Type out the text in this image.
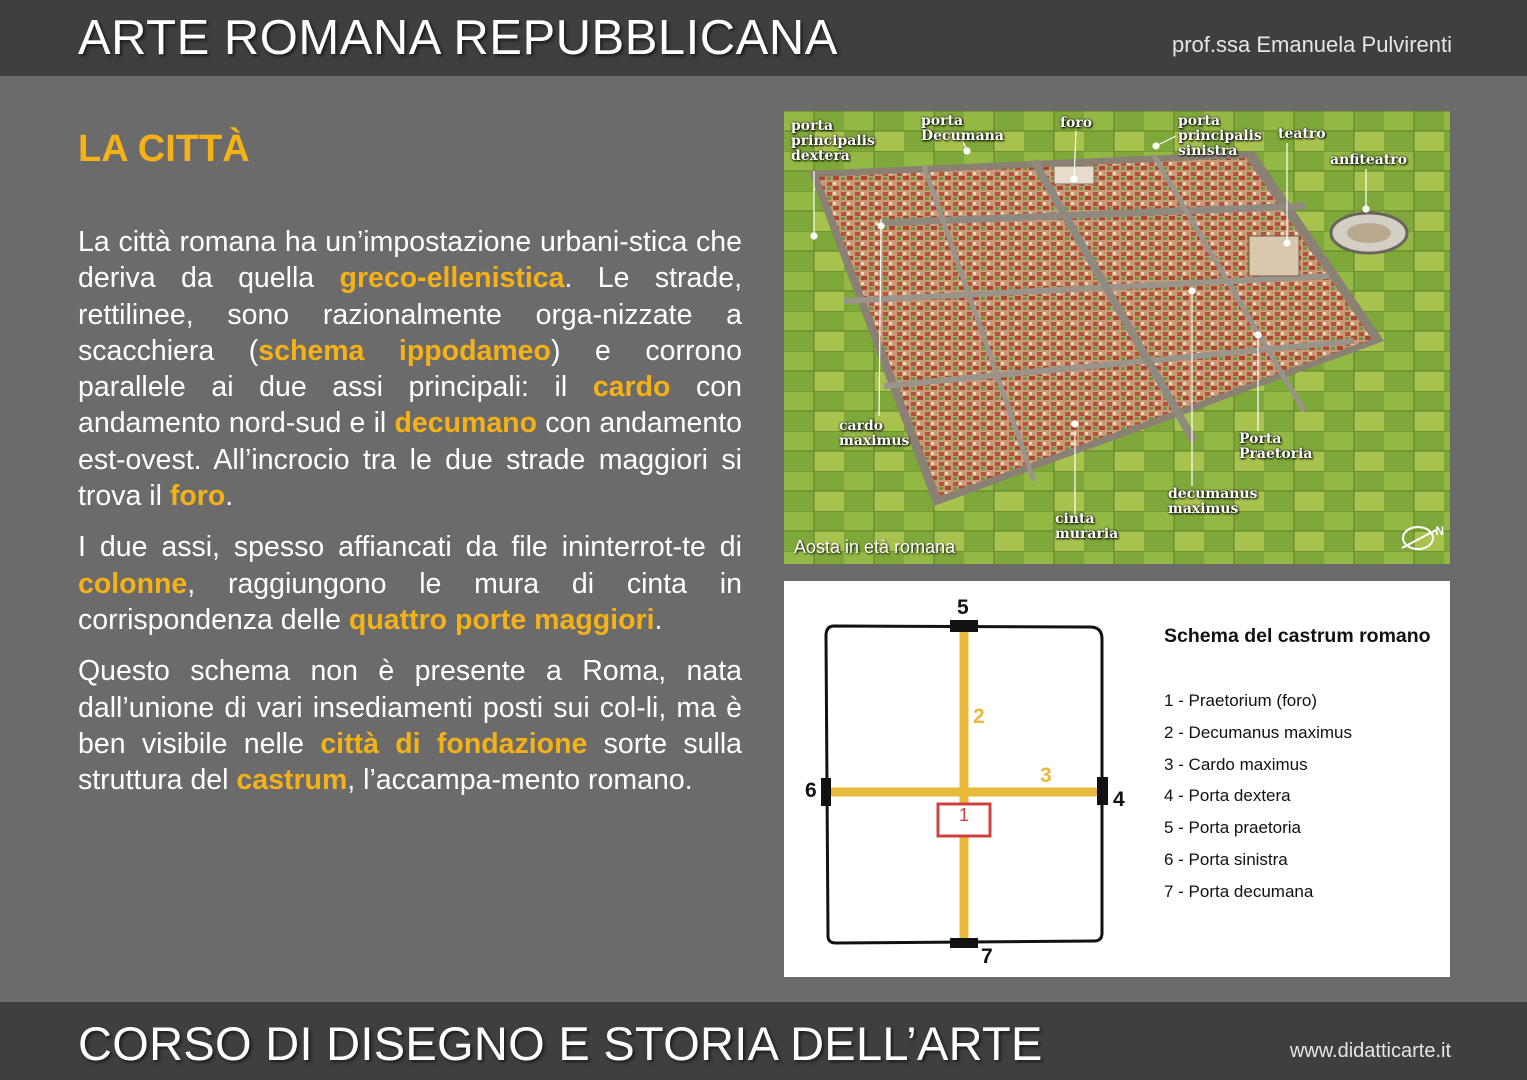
ARTE ROMANA REPUBBLICANA	prof.ssa Emanuela Pulvirenti
LA CITTÀ

La città romana ha un’impostazione urbani-stica che deriva da quella greco-ellenistica. Le strade, rettilinee, sono razionalmente orga-nizzate a scacchiera (schema ippodameo) e corrono parallele ai due assi principali: il cardo con andamento nord-sud e il decumano con andamento est-ovest. All’incrocio tra le due strade maggiori si trova il foro.

I due assi, spesso affiancati da file ininterrot-te di colonne, raggiungono le mura di cinta in corrispondenza delle quattro porte maggiori.

Questo schema non è presente a Roma, nata dall’unione di vari insediamenti posti sui col-li, ma è ben visibile nelle città di fondazione sorte sulla struttura del castrum, l’accampa-mento romano.

porta
principalis
dextera
porta
Decumana
foro	porta
principalis
sinistra
teatro
anfiteatro
cardo
maximus	Porta
Praetoria
decumanus
maximus
cinta
muraria
Aosta in età romana
N
5
7
6	4
2
3
1
Schema del castrum romano
1 - Praetorium (foro)
2 - Decumanus maximus
3 - Cardo maximus
4 - Porta dextera
5 - Porta praetoria
6 - Porta sinistra
7 - Porta decumana
CORSO DI DISEGNO E STORIA DELL’ARTE	www.didatticarte.it
